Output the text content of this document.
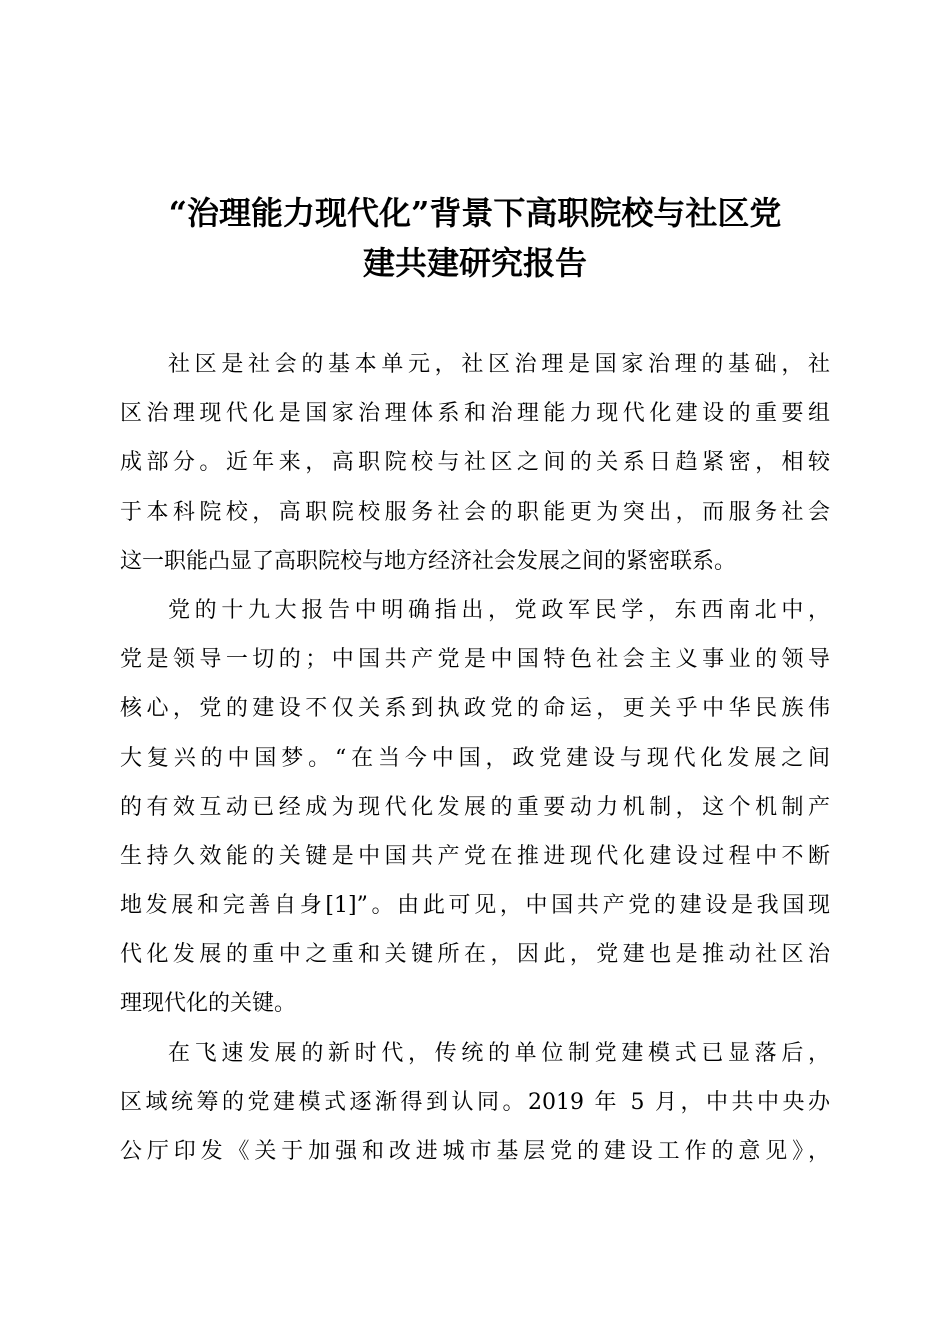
“治理能力现代化”背景下高职院校与社区党
建共建研究报告
社区是社会的基本单元，社区治理是国家治理的基础，社
区治理现代化是国家治理体系和治理能力现代化建设的重要组
成部分。近年来，高职院校与社区之间的关系日趋紧密，相较
于本科院校，高职院校服务社会的职能更为突出，而服务社会
这一职能凸显了高职院校与地方经济社会发展之间的紧密联系。
党的十九大报告中明确指出，党政军民学，东西南北中，
党是领导一切的；中国共产党是中国特色社会主义事业的领导
核心，党的建设不仅关系到执政党的命运，更关乎中华民族伟
大复兴的中国梦。“在当今中国，政党建设与现代化发展之间
的有效互动已经成为现代化发展的重要动力机制，这个机制产
生持久效能的关键是中国共产党在推进现代化建设过程中不断
地发展和完善自身[1]”。由此可见，中国共产党的建设是我国现
代化发展的重中之重和关键所在，因此，党建也是推动社区治
理现代化的关键。
在飞速发展的新时代，传统的单位制党建模式已显落后，
区域统筹的党建模式逐渐得到认同。2019 年 5 月，中共中央办
公厅印发《关于加强和改进城市基层党的建设工作的意见》，
